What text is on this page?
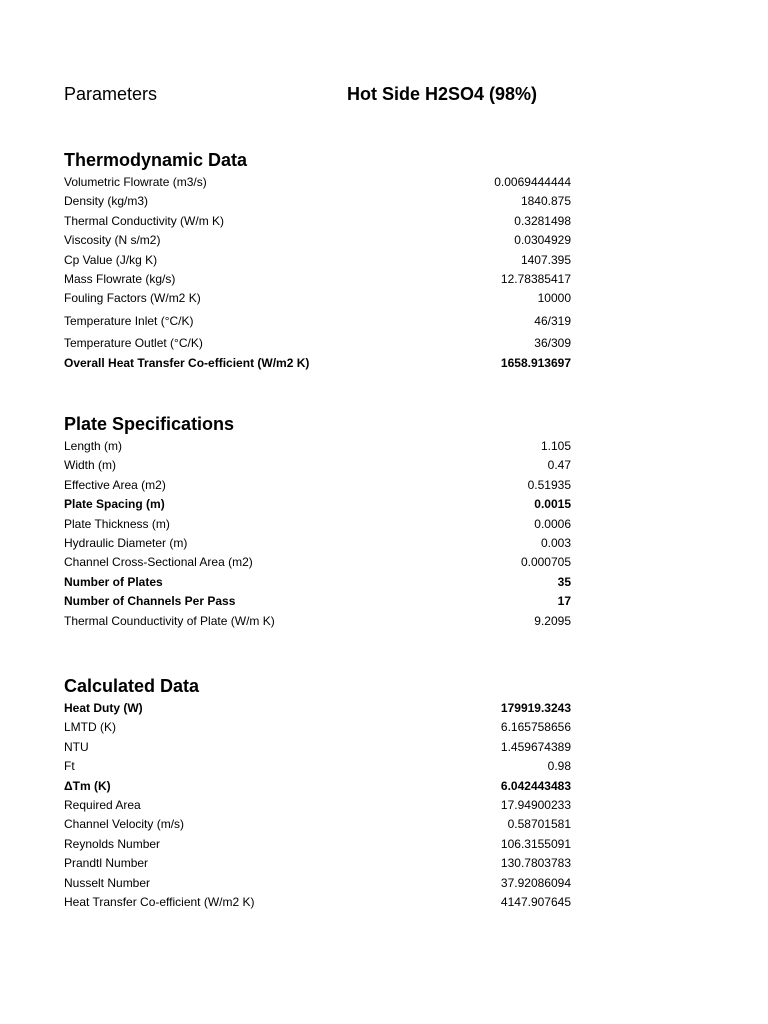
Parameters	Hot Side H2SO4 (98%)
Thermodynamic Data
Volumetric Flowrate (m3/s)	0.0069444444
Density (kg/m3)	1840.875
Thermal Conductivity (W/m K)	0.3281498
Viscosity (N s/m2)	0.0304929
Cp Value (J/kg K)	1407.395
Mass Flowrate (kg/s)	12.78385417
Fouling Factors (W/m2 K)	10000
Temperature Inlet (°C/K)	46/319
Temperature Outlet (°C/K)	36/309
Overall Heat Transfer Co-efficient (W/m2 K)	1658.913697
Plate Specifications
Length (m)	1.105
Width (m)	0.47
Effective Area (m2)	0.51935
Plate Spacing (m)	0.0015
Plate Thickness (m)	0.0006
Hydraulic Diameter (m)	0.003
Channel Cross-Sectional Area (m2)	0.000705
Number of Plates	35
Number of Channels Per Pass	17
Thermal Counductivity of Plate (W/m K)	9.2095
Calculated Data
Heat Duty (W)	179919.3243
LMTD (K)	6.165758656
NTU	1.459674389
Ft	0.98
ΔTm (K)	6.042443483
Required Area	17.94900233
Channel Velocity (m/s)	0.58701581
Reynolds Number	106.3155091
Prandtl Number	130.7803783
Nusselt Number	37.92086094
Heat Transfer Co-efficient (W/m2 K)	4147.907645
